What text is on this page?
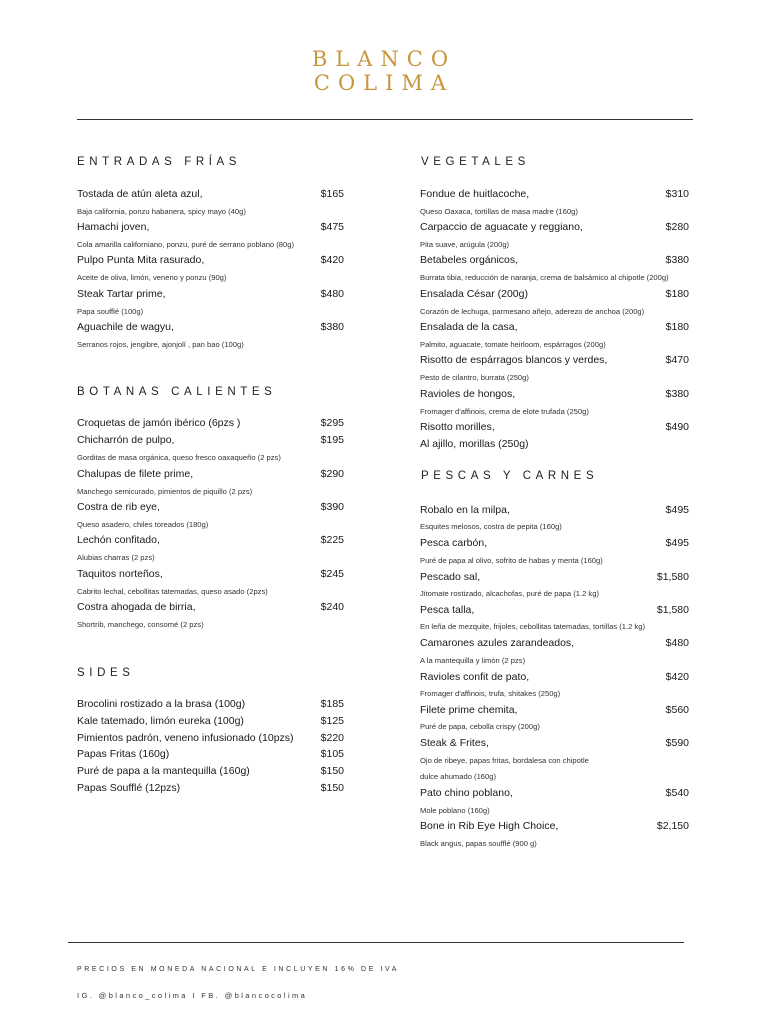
BLANCO
COLIMA
ENTRADAS FRÍAS
Tostada de atún aleta azul,	$165
Baja california, ponzu habanera, spicy mayo (40g)
Hamachi joven,	$475
Cola amarilla californiano, ponzu, puré de serrano poblano (80g)
Pulpo Punta Mita rasurado,	$420
Aceite de oliva, limón, veneno y ponzu (90g)
Steak Tartar prime,	$480
Papa soufflé (100g)
Aguachile de wagyu,	$380
Serranos rojos, jengibre, ajonjolí , pan bao (100g)
BOTANAS CALIENTES
Croquetas de jamón ibérico (6pzs )	$295
Chicharrón de pulpo,	$195
Gorditas de masa orgánica, queso fresco oaxaqueño (2 pzs)
Chalupas de filete prime,	$290
Manchego semicurado, pimientos de piquillo (2 pzs)
Costra de rib eye,	$390
Queso asadero, chiles toreados (180g)
Lechón confitado,	$225
Alubias charras (2 pzs)
Taquitos norteños,	$245
Cabrito lechal, cebollitas tatemadas, queso asado (2pzs)
Costra ahogada de birria,	$240
Shortrib, manchego, consomé (2 pzs)
SIDES
Brocolini rostizado a la brasa (100g)	$185
Kale tatemado, limón eureka (100g)	$125
Pimientos padrón, veneno infusionado (10pzs)	$220
Papas Fritas (160g)	$105
Puré de papa a la mantequilla (160g)	$150
Papas Soufflé (12pzs)	$150
VEGETALES
Fondue de huitlacoche,	$310
Queso Oaxaca, tortillas de masa madre (160g)
Carpaccio de aguacate y reggiano,	$280
Pita suave, arúgula (200g)
Betabeles orgánicos,	$380
Burrata tibia, reducción de naranja, crema de balsámico al chipotle (200g)
Ensalada César (200g)	$180
Corazón de lechuga, parmesano añejo, aderezo de anchoa (200g)
Ensalada de la casa,	$180
Palmito, aguacate, tomate heirloom, espárragos (200g)
Risotto de espárragos blancos y verdes,	$470
Pesto de cilantro, burrata (250g)
Ravioles de hongos,	$380
Fromager d'affinois, crema de elote trufada (250g)
Risotto morilles,	$490
Al ajillo, morillas (250g)
PESCAS Y CARNES
Robalo en la milpa,	$495
Esquites melosos, costra de pepita (160g)
Pesca carbón,	$495
Puré de papa al olivo, sofrito de habas y menta (160g)
Pescado sal,	$1,580
Jitomate rostizado, alcachofas, puré de papa (1.2 kg)
Pesca talla,	$1,580
En leña de mezquite, frijoles, cebollitas tatemadas, tortillas (1.2 kg)
Camarones azules zarandeados,	$480
A la mantequilla y limón (2 pzs)
Ravioles confit de pato,	$420
Fromager d'affinois, trufa, shitakes (250g)
Filete prime chemita,	$560
Puré de papa, cebolla crispy (200g)
Steak & Frites,	$590
Ojo de ribeye, papas fritas, bordalesa con chipotle
dulce ahumado (160g)
Pato chino poblano,	$540
Mole poblano (160g)
Bone in Rib Eye High Choice,	$2,150
Black angus, papas soufflé (900 g)
PRECIOS EN MONEDA NACIONAL E INCLUYEN 16% DE IVA
IG. @blanco_colima I FB. @blancocolima
